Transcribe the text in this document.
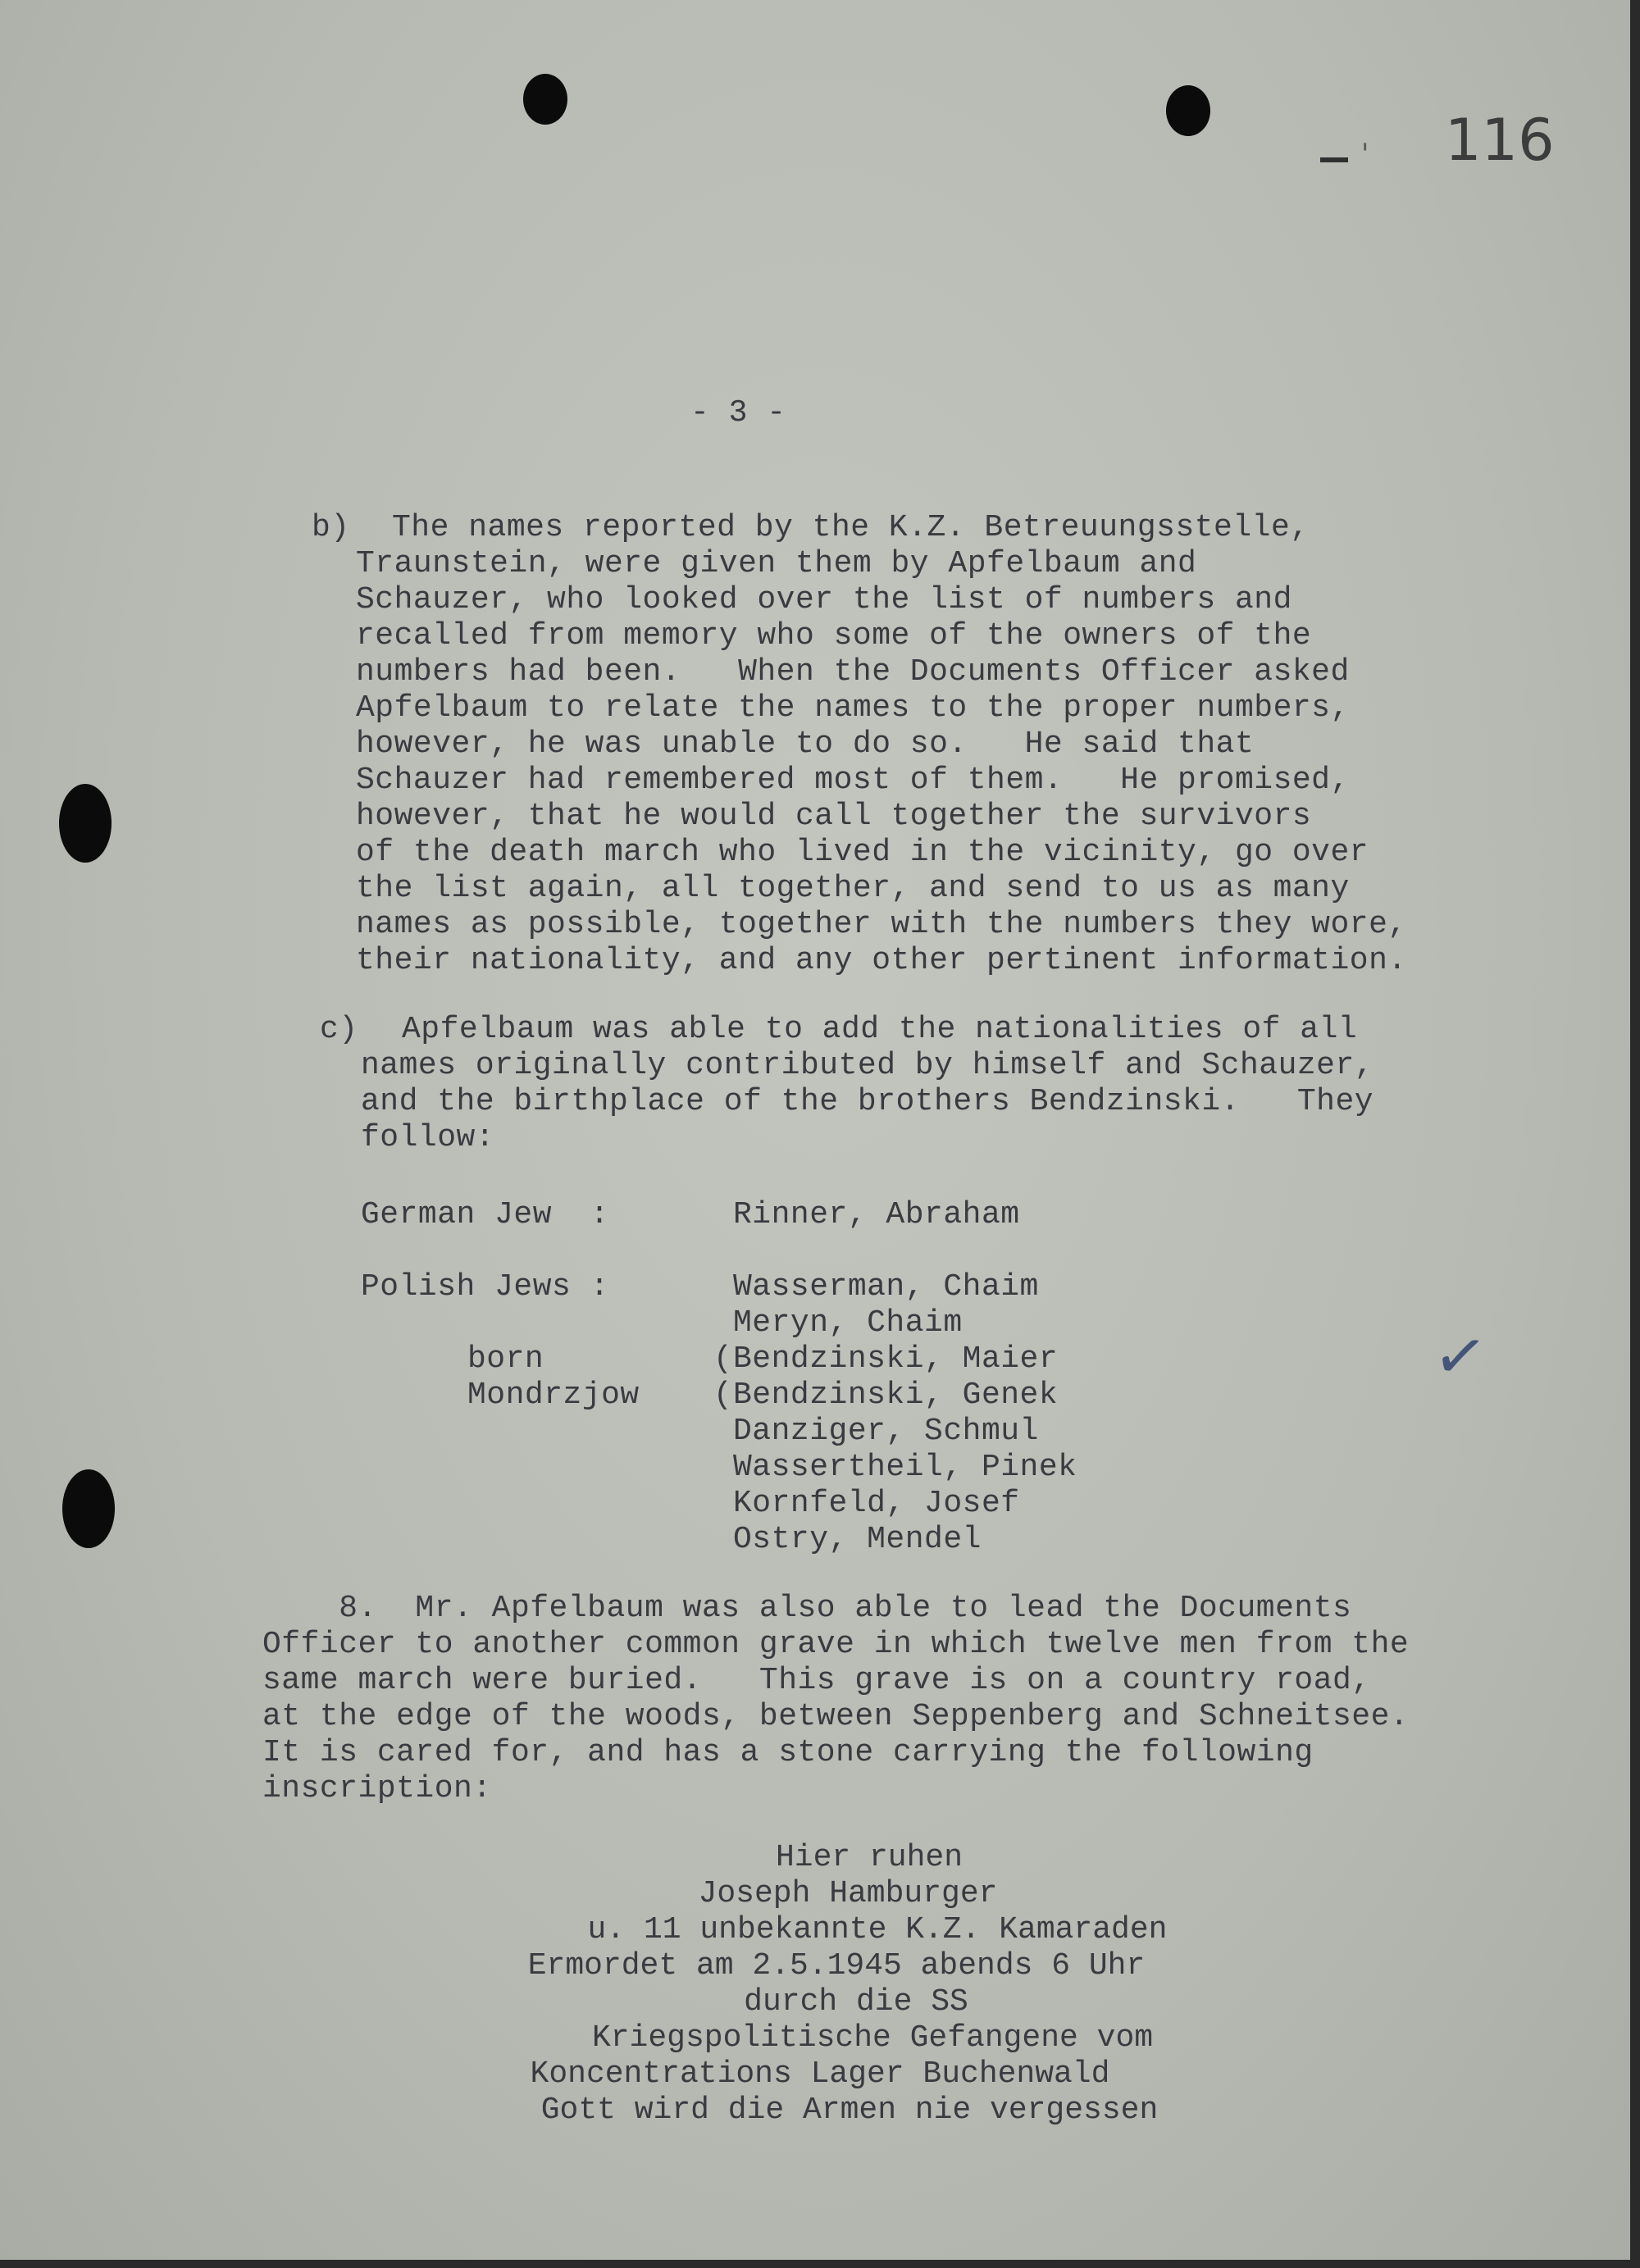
' 116
- 3 -
b) The names reported by the K.Z. Betreuungsstelle,
Traunstein, were given them by Apfelbaum and
Schauzer, who looked over the list of numbers and
recalled from memory who some of the owners of the
numbers had been.   When the Documents Officer asked
Apfelbaum to relate the names to the proper numbers,
however, he was unable to do so.   He said that
Schauzer had remembered most of them.   He promised,
however, that he would call together the survivors
of the death march who lived in the vicinity, go over
the list again, all together, and send to us as many
names as possible, together with the numbers they wore,
their nationality, and any other pertinent information.
c) Apfelbaum was able to add the nationalities of all
names originally contributed by himself and Schauzer,
and the birthplace of the brothers Bendzinski.   They
follow:
German Jew  :	Rinner, Abraham
Polish Jews :
born
Mondrzjow
(
(
Wasserman, Chaim
Meryn, Chaim
Bendzinski, Maier
Bendzinski, Genek
Danziger, Schmul
Wassertheil, Pinek
Kornfeld, Josef
Ostry, Mendel
✓
8.  Mr. Apfelbaum was also able to lead the Documents
Officer to another common grave in which twelve men from the
same march were buried.   This grave is on a country road,
at the edge of the woods, between Seppenberg and Schneitsee.
It is cared for, and has a stone carrying the following
inscription:
Hier ruhen
Joseph Hamburger
u. 11 unbekannte K.Z. Kamaraden
Ermordet am 2.5.1945 abends 6 Uhr
durch die SS
Kriegspolitische Gefangene vom
Koncentrations Lager Buchenwald
Gott wird die Armen nie vergessen
